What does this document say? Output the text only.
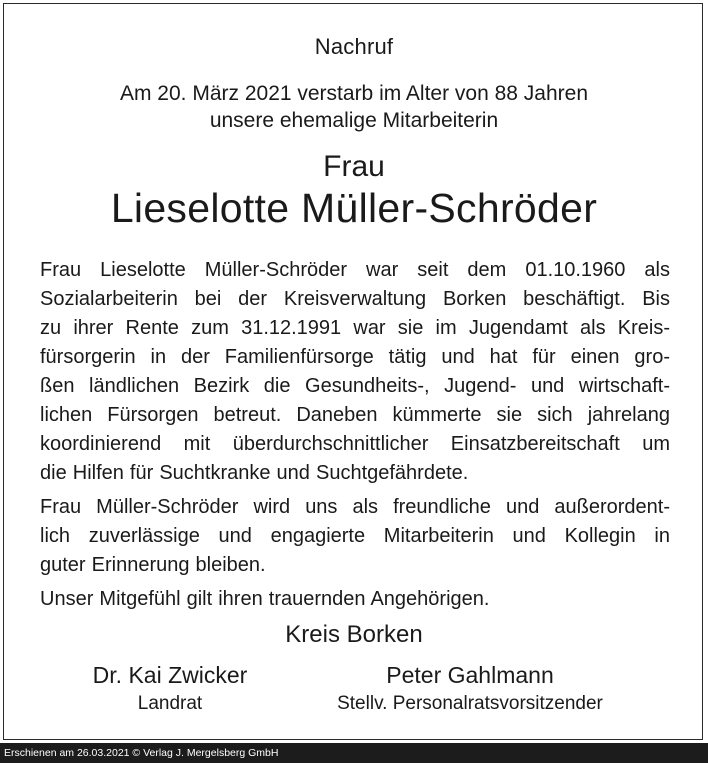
Nachruf
Am 20. März 2021 verstarb im Alter von 88 Jahren
unsere ehemalige Mitarbeiterin
Frau
Lieselotte Müller-Schröder
Frau Lieselotte Müller-Schröder war seit dem 01.10.1960 als
Sozialarbeiterin bei der Kreisverwaltung Borken beschäftigt. Bis
zu ihrer Rente zum 31.12.1991 war sie im Jugendamt als Kreis-
fürsorgerin in der Familienfürsorge tätig und hat für einen gro-
ßen ländlichen Bezirk die Gesundheits-, Jugend- und wirtschaft-
lichen Fürsorgen betreut. Daneben kümmerte sie sich jahrelang
koordinierend mit überdurchschnittlicher Einsatzbereitschaft um
die Hilfen für Suchtkranke und Suchtgefährdete.
Frau Müller-Schröder wird uns als freundliche und außerordent-
lich zuverlässige und engagierte Mitarbeiterin und Kollegin in
guter Erinnerung bleiben.
Unser Mitgefühl gilt ihren trauernden Angehörigen.
Kreis Borken
Dr. Kai Zwicker
Landrat
Peter Gahlmann
Stellv. Personalratsvorsitzender
Erschienen am 26.03.2021 © Verlag J. Mergelsberg GmbH
